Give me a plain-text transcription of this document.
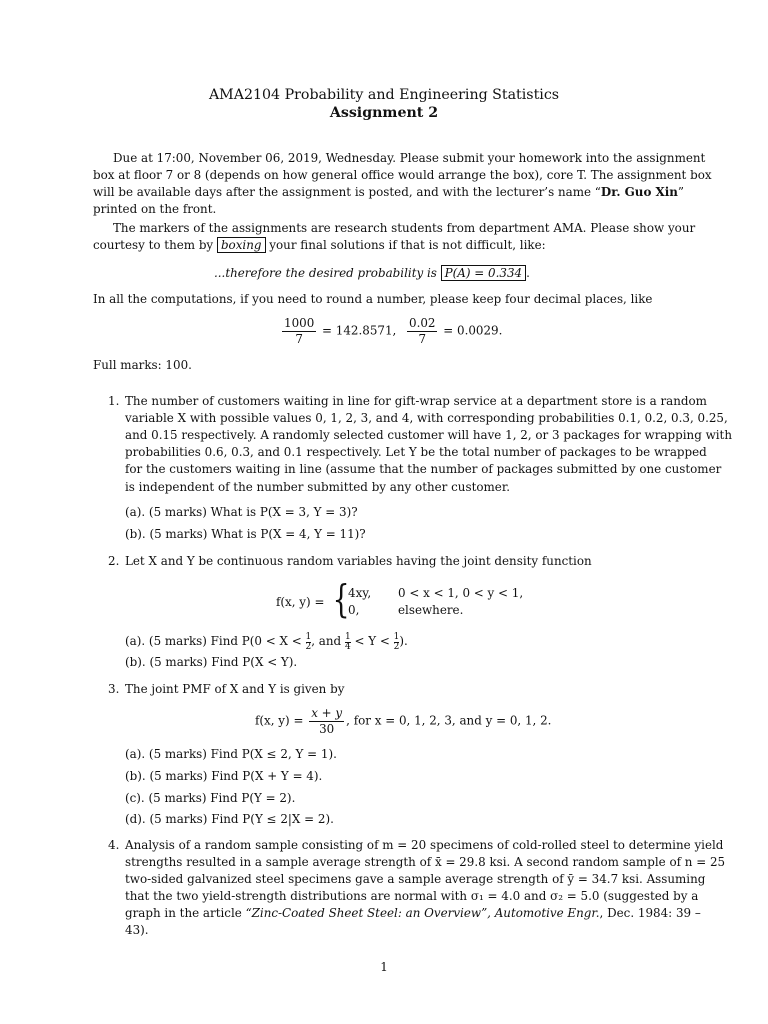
AMA2104 Probability and Engineering Statistics
Assignment 2
Due at 17:00, November 06, 2019, Wednesday. Please submit your homework into the assignment
box at floor 7 or 8 (depends on how general office would arrange the box), core T. The assignment box
will be available days after the assignment is posted, and with the lecturer’s name “Dr. Guo Xin”
printed on the front.
The markers of the assignments are research students from department AMA. Please show your
courtesy to them by boxing your final solutions if that is not difficult, like:
...therefore the desired probability is P(A) = 0.334 .
In all the computations, if you need to round a number, please keep four decimal places, like
$\frac{1000}{7} = 142.8571$, $\frac{0.02}{7} = 0.0029$.
Full marks: 100.
1. The number of customers waiting in line for gift-wrap service at a department store is a random
variable X with possible values 0, 1, 2, 3, and 4, with corresponding probabilities 0.1, 0.2, 0.3, 0.25,
and 0.15 respectively. A randomly selected customer will have 1, 2, or 3 packages for wrapping with
probabilities 0.6, 0.3, and 0.1 respectively. Let Y be the total number of packages to be wrapped
for the customers waiting in line (assume that the number of packages submitted by one customer
is independent of the number submitted by any other customer.
(a). (5 marks) What is P(X = 3, Y = 3)?
(b). (5 marks) What is P(X = 4, Y = 11)?
2. Let X and Y be continuous random variables having the joint density function
f(x, y) = {
4xy, 0 < x < 1, 0 < y < 1,
0,	elsewhere.
(a). (5 marks) Find $P(0 < X < \frac{1}{2}$ , and $\frac{1}{4} < Y < \frac{1}{2}$ ).
(b). (5 marks) Find P(X < Y).
3. The joint PMF of X and Y is given by
f(x, $y) = \frac{x + y}{30}$ , for x = 0, 1, 2, 3, and y = 0, 1, 2.
(a). (5 marks) Find P(X ≤ 2, Y = 1).
(b). (5 marks) Find P(X + Y = 4).
(c). (5 marks) Find P(Y = 2).
(d). (5 marks) Find P(Y ≤ 2|X = 2).
4. Analysis of a random sample consisting of m = 20 specimens of cold-rolled steel to determine yield
strengths resulted in a sample average strength of x̄ = 29.8 ksi. A second random sample of n = 25
two-sided galvanized steel specimens gave a sample average strength of ȳ = 34.7 ksi. Assuming
that the two yield-strength distributions are normal with σ₁ = 4.0 and σ₂ = 5.0 (suggested by a
graph in the article “Zinc-Coated Sheet Steel: an Overview”, Automotive Engr., Dec. 1984: 39 –
43).
1
